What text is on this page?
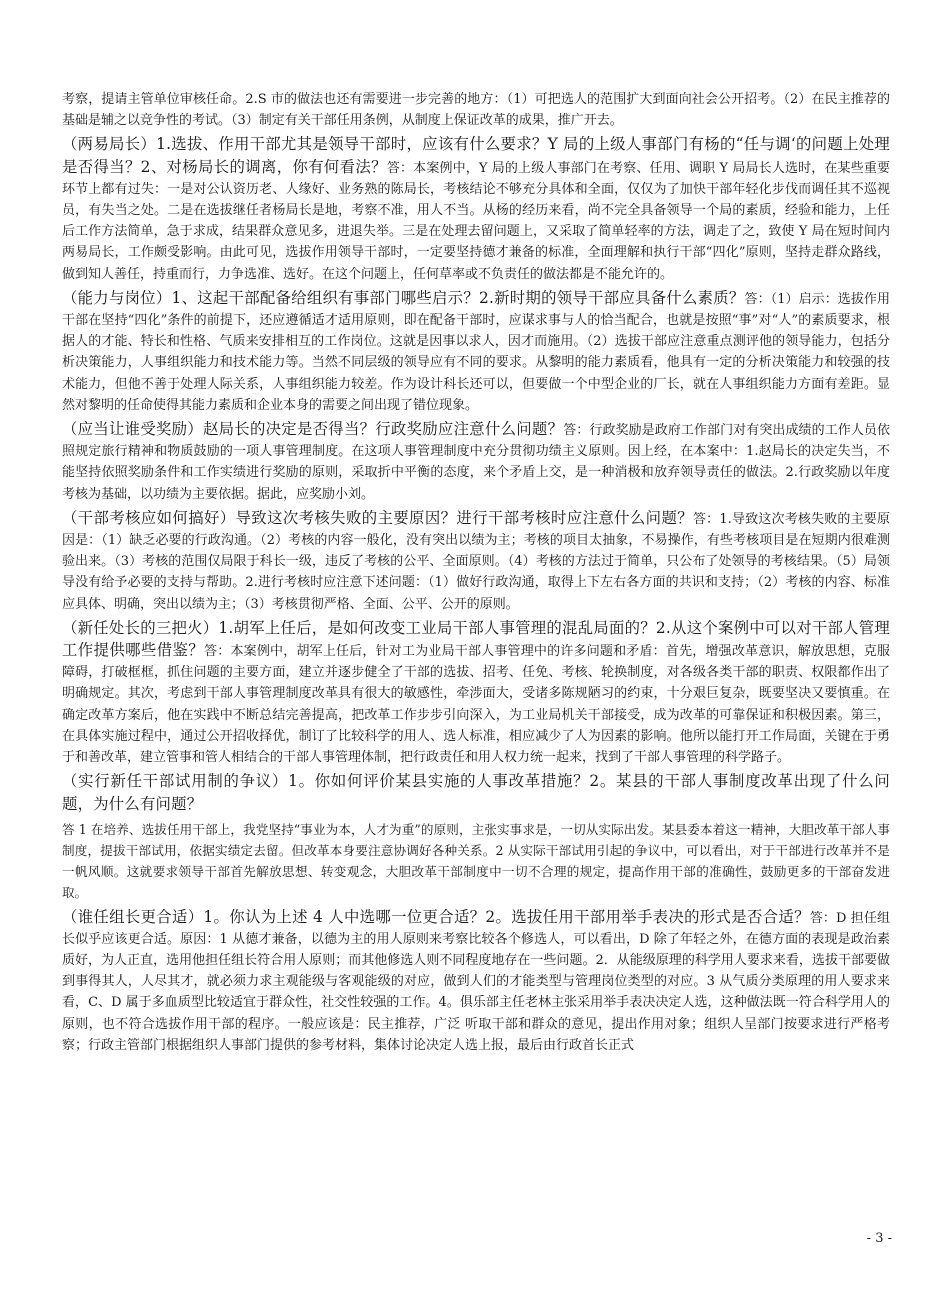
考察，提请主管单位审核任命。2.S 市的做法也还有需要进一步完善的地方：（1）可把选人的范围扩大到面向社会公开招考。（2）在民主推荐的基础是辅之以竞争性的考试。（3）制定有关干部任用条例，从制度上保证改革的成果，推广开去。

（两易局长）1.选拔、作用干部尤其是领导干部时，应该有什么要求？Y 局的上级人事部门有杨的“任与调‘的问题上处理是否得当？2、对杨局长的调离，你有何看法？答：本案例中，Y 局的上级人事部门在考察、任用、调职 Y 局局长人选时，在某些重要环节上都有过失：一是对公认资历老、人缘好、业务熟的陈局长，考核结论不够充分具体和全面，仅仅为了加快干部年轻化步伐而调任其不巡视员，有失当之处。二是在选拔继任者杨局长是地，考察不准，用人不当。从杨的经历来看，尚不完全具备领导一个局的素质，经验和能力，上任后工作方法简单，急于求成，结果群众意见多，进退失举。三是在处理去留问题上，又采取了简单轻率的方法，调走了之，致使 Y 局在短时间内两易局长，工作颇受影响。由此可见，选拔作用领导干部时，一定要坚持德才兼备的标准，全面理解和执行干部“四化”原则，坚持走群众路线，做到知人善任，持重而行，力争选准、选好。在这个问题上，任何草率或不负责任的做法都是不能允许的。

（能力与岗位）1、这起干部配备给组织有事部门哪些启示？2.新时期的领导干部应具备什么素质？答：（1）启示：选拔作用干部在坚持“四化”条件的前提下，还应遵循适才适用原则，即在配备干部时，应谋求事与人的恰当配合，也就是按照“事”对“人”的素质要求，根据人的才能、特长和性格、气质来安排相互的工作岗位。这就是因事以求人，因才而施用。（2）选拔干部应注意重点测评他的领导能力，包括分析决策能力，人事组织能力和技术能力等。当然不同层级的领导应有不同的要求。从黎明的能力素质看，他具有一定的分析决策能力和较强的技术能力，但他不善于处理人际关系，人事组织能力较差。作为设计科长还可以，但要做一个中型企业的厂长，就在人事组织能力方面有差距。显然对黎明的任命使得其能力素质和企业本身的需要之间出现了错位现象。

（应当让谁受奖励）赵局长的决定是否得当？行政奖励应注意什么问题？答：行政奖励是政府工作部门对有突出成绩的工作人员依照规定旅行精神和物质鼓励的一项人事管理制度。在这项人事管理制度中充分贯彻功绩主义原则。因上经，在本案中：1.赵局长的决定失当，不能坚持依照奖励条件和工作实绩进行奖励的原则，采取折中平衡的态度，来个矛盾上交，是一种消极和放弃领导责任的做法。2.行政奖励以年度考核为基础，以功绩为主要依据。据此，应奖励小刘。

（干部考核应如何搞好）导致这次考核失败的主要原因？进行干部考核时应注意什么问题？答：1.导致这次考核失败的主要原因是：（1）缺乏必要的行政沟通。（2）考核的内容一般化，没有突出以绩为主；考核的项目太抽象，不易操作，有些考核项目是在短期内很难测验出来。（3）考核的范围仅局限于科长一级，违反了考核的公平、全面原则。（4）考核的方法过于简单，只公布了处领导的考核结果。（5）局领导没有给予必要的支持与帮助。2.进行考核时应注意下述问题：（1）做好行政沟通，取得上下左右各方面的共识和支持；（2）考核的内容、标准应具体、明确，突出以绩为主；（3）考核贯彻严格、全面、公平、公开的原则。

（新任处长的三把火）1.胡军上任后，是如何改变工业局干部人事管理的混乱局面的？2.从这个案例中可以对干部人管理工作提供哪些借鉴？答：本案例中，胡军上任后，针对工为业局干部人事管理中的许多问题和矛盾：首先，增强改革意识，解放思想，克服障碍，打破框框，抓住问题的主要方面，建立并逐步健全了干部的选拔、招考、任免、考核、轮换制度，对各级各类干部的职责、权限都作出了明确规定。其次，考虑到干部人事管理制度改革具有很大的敏感性，牵涉面大，受诸多陈规陋习的约束，十分艰巨复杂，既要坚决又要慎重。在确定改革方案后，他在实践中不断总结完善提高，把改革工作步步引向深入，为工业局机关干部接受，成为改革的可靠保证和积极因素。第三，在具体实施过程中，通过公开招收择优，制订了比较科学的用人、选人标准，相应减少了人为因素的影响。他所以能打开工作局面，关键在于勇于和善改革，建立管事和管人相结合的干部人事管理体制，把行政责任和用人权力统一起来，找到了干部人事管理的科学路子。

（实行新任干部试用制的争议）1。你如何评价某县实施的人事改革措施？2。某县的干部人事制度改革出现了什么问题，为什么有问题？

答 1 在培养、选拔任用干部上，我党坚持“事业为本，人才为重”的原则，主张实事求是，一切从实际出发。某县委本着这一精神，大胆改革干部人事制度，提拔干部试用，依据实绩定去留。但改革本身要注意协调好各种关系。2 从实际干部试用引起的争议中，可以看出，对于干部进行改革并不是一帆风顺。这就要求领导干部首先解放思想、转变观念，大胆改革干部制度中一切不合理的规定，提高作用干部的准确性，鼓励更多的干部奋发进取。

（谁任组长更合适）1。你认为上述 4 人中选哪一位更合适？2。选拔任用干部用举手表决的形式是否合适？答：D 担任组长似乎应该更合适。原因：1 从德才兼备，以德为主的用人原则来考察比较各个修选人，可以看出，D 除了年轻之外，在德方面的表现是政治素质好，为人正直，选用他担任组长符合用人原则；而其他修选人则不同程度地存在一些问题。2．从能级原理的科学用人要求来看，选拔干部要做到事得其人，人尽其才，就必须力求主观能级与客观能级的对应，做到人们的才能类型与管理岗位类型的对应。3 从气质分类原理的用人要求来看，C、D 属于多血质型比较适宜于群众性，社交性较强的工作。4。俱乐部主任老林主张采用举手表决决定人选，这种做法既一符合科学用人的原则，也不符合选拔作用干部的程序。一般应该是：民主推荐，广泛 听取干部和群众的意见，提出作用对象；组织人呈部门按要求进行严格考察；行政主管部门根据组织人事部门提供的参考材料，集体讨论决定人选上报，最后由行政首长正式

- 3 -
